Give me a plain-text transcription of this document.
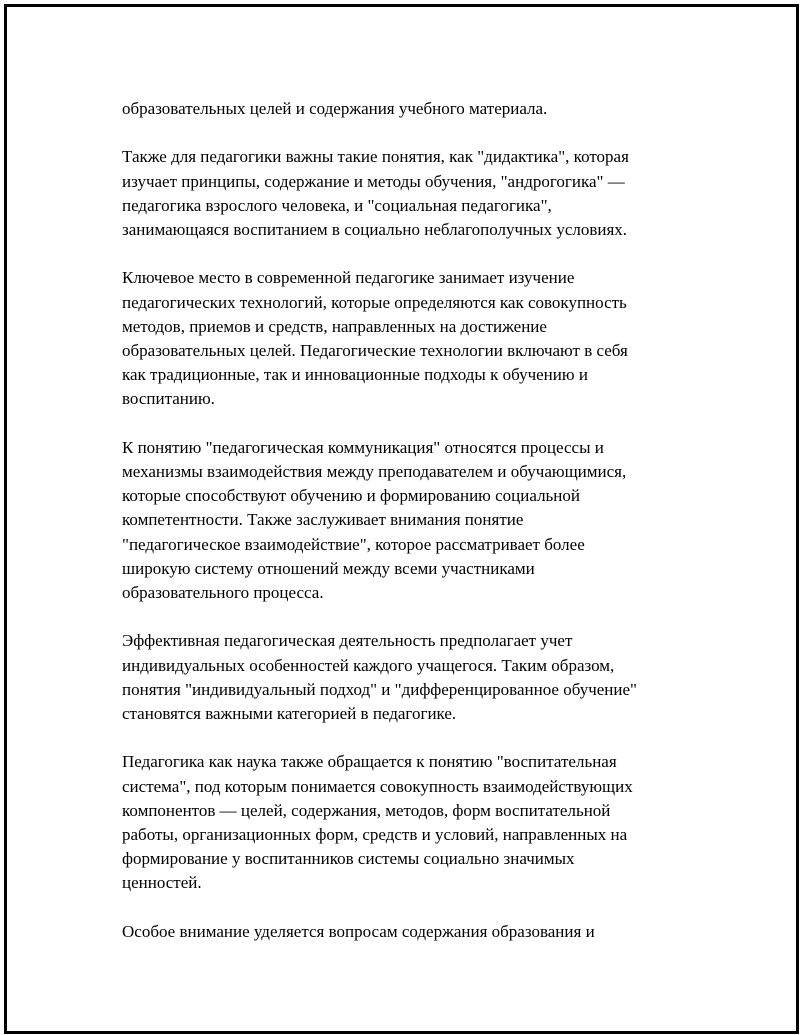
образовательных целей и содержания учебного материала.
Также для педагогики важны такие понятия, как "дидактика", которая
изучает принципы, содержание и методы обучения, "андрогогика" —
педагогика взрослого человека, и "социальная педагогика",
занимающаяся воспитанием в социально неблагополучных условиях.
Ключевое место в современной педагогике занимает изучение
педагогических технологий, которые определяются как совокупность
методов, приемов и средств, направленных на достижение
образовательных целей. Педагогические технологии включают в себя
как традиционные, так и инновационные подходы к обучению и
воспитанию.
К понятию "педагогическая коммуникация" относятся процессы и
механизмы взаимодействия между преподавателем и обучающимися,
которые способствуют обучению и формированию социальной
компетентности. Также заслуживает внимания понятие
"педагогическое взаимодействие", которое рассматривает более
широкую систему отношений между всеми участниками
образовательного процесса.
Эффективная педагогическая деятельность предполагает учет
индивидуальных особенностей каждого учащегося. Таким образом,
понятия "индивидуальный подход" и "дифференцированное обучение"
становятся важными категорией в педагогике.
Педагогика как наука также обращается к понятию "воспитательная
система", под которым понимается совокупность взаимодействующих
компонентов — целей, содержания, методов, форм воспитательной
работы, организационных форм, средств и условий, направленных на
формирование у воспитанников системы социально значимых
ценностей.
Особое внимание уделяется вопросам содержания образования и
